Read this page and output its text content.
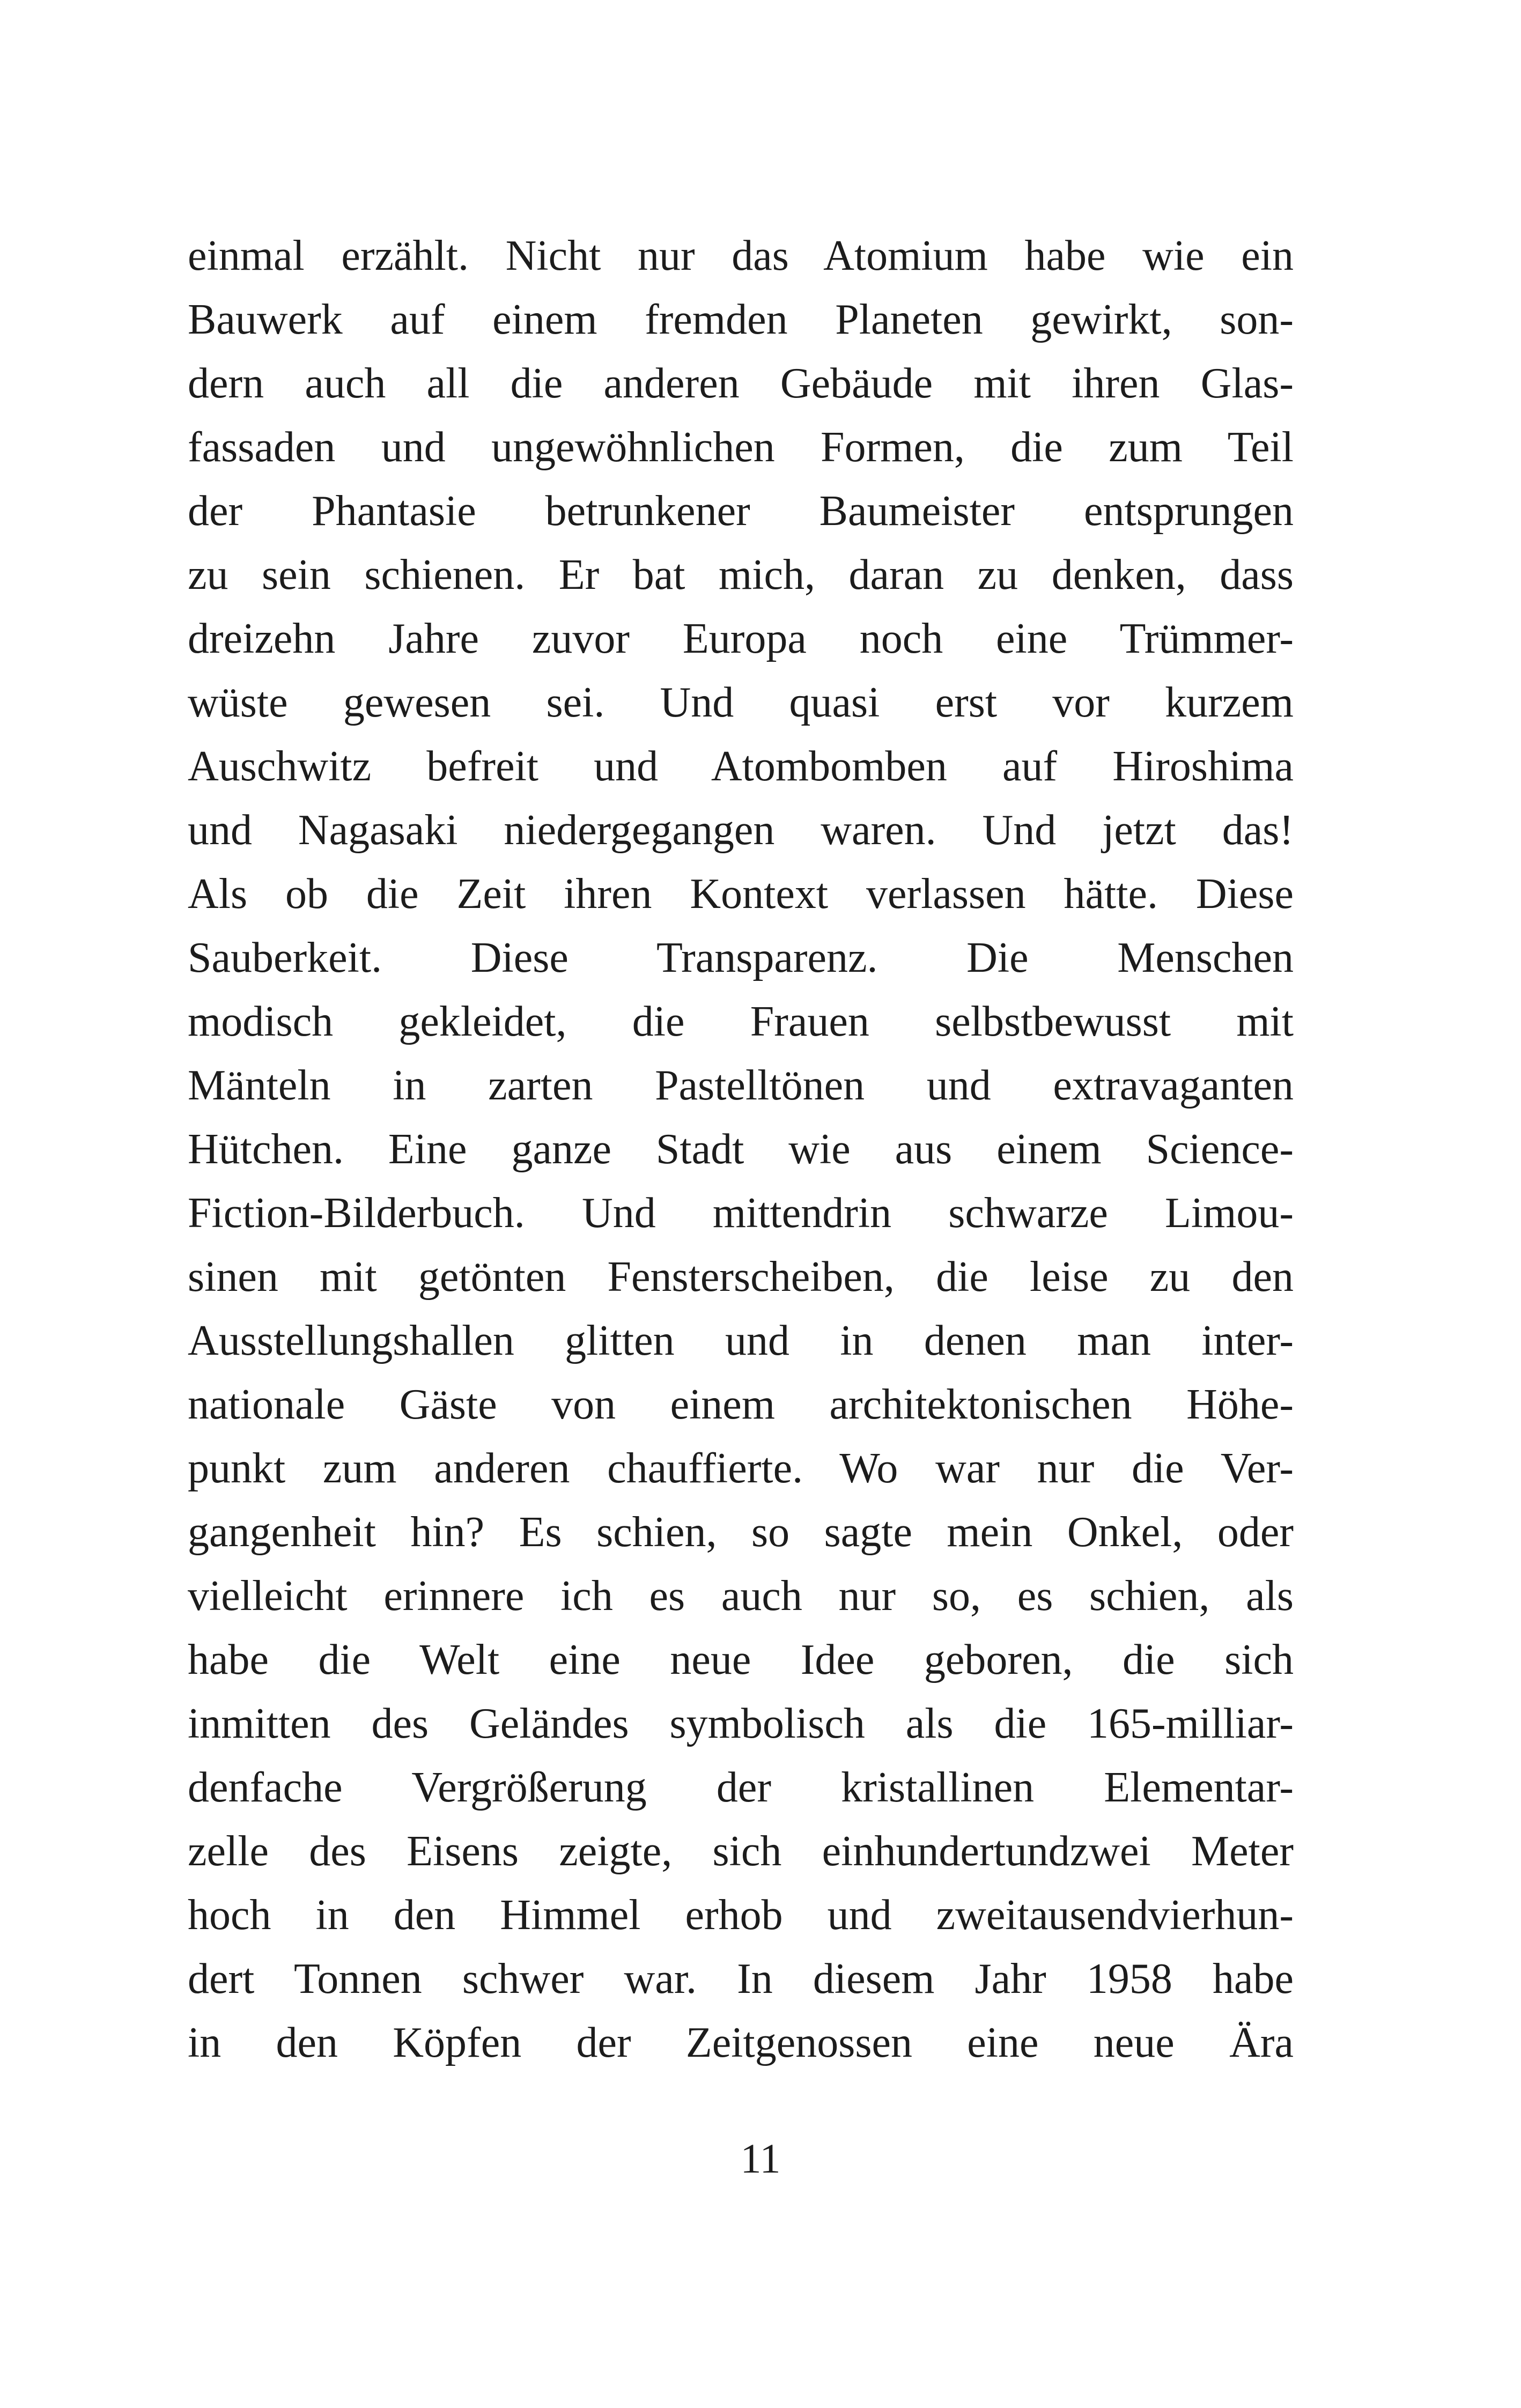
einmal erzählt. Nicht nur das Atomium habe wie ein
Bauwerk auf einem fremden Planeten gewirkt, son-
dern auch all die anderen Gebäude mit ihren Glas-
fassaden und ungewöhnlichen Formen, die zum Teil
der Phantasie betrunkener Baumeister entsprungen
zu sein schienen. Er bat mich, daran zu denken, dass
dreizehn Jahre zuvor Europa noch eine Trümmer-
wüste gewesen sei. Und quasi erst vor kurzem
Auschwitz befreit und Atombomben auf Hiroshima
und Nagasaki niedergegangen waren. Und jetzt das!
Als ob die Zeit ihren Kontext verlassen hätte. Diese
Sauberkeit. Diese Transparenz. Die Menschen
modisch gekleidet, die Frauen selbstbewusst mit
Mänteln in zarten Pastelltönen und extravaganten
Hütchen. Eine ganze Stadt wie aus einem Science-
Fiction-Bilderbuch. Und mittendrin schwarze Limou-
sinen mit getönten Fensterscheiben, die leise zu den
Ausstellungshallen glitten und in denen man inter-
nationale Gäste von einem architektonischen Höhe-
punkt zum anderen chauffierte. Wo war nur die Ver-
gangenheit hin? Es schien, so sagte mein Onkel, oder
vielleicht erinnere ich es auch nur so, es schien, als
habe die Welt eine neue Idee geboren, die sich
inmitten des Geländes symbolisch als die 165-milliar-
denfache Vergrößerung der kristallinen Elementar-
zelle des Eisens zeigte, sich einhundertundzwei Meter
hoch in den Himmel erhob und zweitausendvierhun-
dert Tonnen schwer war. In diesem Jahr 1958 habe
in den Köpfen der Zeitgenossen eine neue Ära
11
